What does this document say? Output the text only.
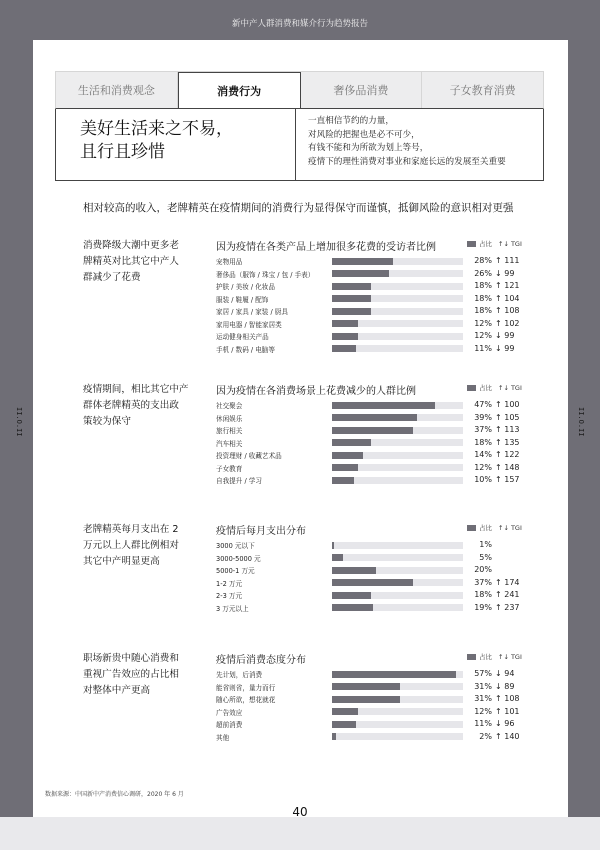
新中产人群消费和媒介行为趋势报告
II.O.II	II.O.II
生活和消费观念	消费行为	奢侈品消费	子女教育消费
美好生活来之不易，
且行且珍惜
一直相信节约的力量，
对风险的把握也是必不可少，
有钱不能和为所欲为划上等号，
疫情下的理性消费对事业和家庭长远的发展至关重要
相对较高的收入，老牌精英在疫情期间的消费行为显得保守而谨慎，抵御风险的意识相对更强
消费降级大潮中更多老
牌精英对比其它中产人
群减少了花费
因为疫情在各类产品上增加很多花费的受访者比例	占比 ↑↓ TGI
宠物用品	28% ↑ 111
奢侈品（服饰 / 珠宝 / 包 / 手表）	26% ↓ 99
护肤 / 美妆 / 化妆品	18% ↑ 121
服装 / 鞋履 / 配饰	18% ↑ 104
家居 / 家具 / 家装 / 厨具	18% ↑ 108
家用电器 / 智能家居类	12% ↑ 102
运动健身相关产品	12% ↓ 99
手机 / 数码 / 电脑等	11% ↓ 99
疫情期间，相比其它中产
群体老牌精英的支出政
策较为保守
因为疫情在各消费场景上花费减少的人群比例	占比 ↑↓ TGI
社交聚会	47% ↑ 100
休闲娱乐	39% ↑ 105
旅行相关	37% ↑ 113
汽车相关	18% ↑ 135
投资理财 / 收藏艺术品	14% ↑ 122
子女教育	12% ↑ 148
自我提升 / 学习	10% ↑ 157
老牌精英每月支出在 2
万元以上人群比例相对
其它中产明显更高
疫情后每月支出分布	占比 ↑↓ TGI
3000 元以下	1%
3000-5000 元	5%
5000-1 万元	20%
1-2 万元	37% ↑ 174
2-3 万元	18% ↑ 241
3 万元以上	19% ↑ 237
职场新贵中随心消费和
重视广告效应的占比相
对整体中产更高
疫情后消费态度分布	占比 ↑↓ TGI
先计划，后消费	57% ↓ 94
能省则省，量力而行	31% ↓ 89
随心所欲，想花就花	31% ↑ 108
广告效应	12% ↑ 101
超前消费	11% ↓ 96
其他	2% ↑ 140
数据来源：中国新中产消费信心调研，2020 年 6 月
40
